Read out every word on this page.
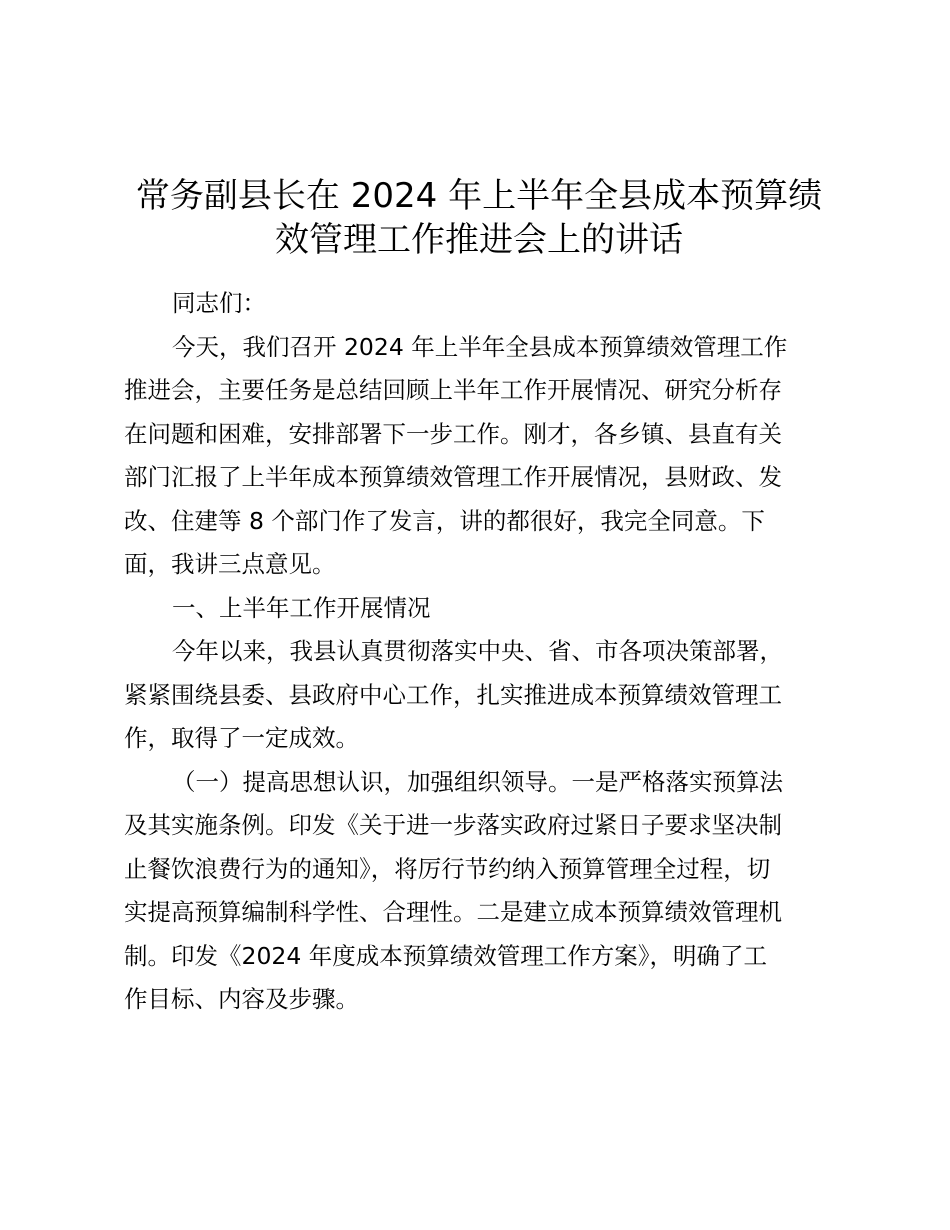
常务副县长在 2024 年上半年全县成本预算绩
效管理工作推进会上的讲话
同志们：
今天，我们召开 2024 年上半年全县成本预算绩效管理工作
推进会，主要任务是总结回顾上半年工作开展情况、研究分析存
在问题和困难，安排部署下一步工作。刚才，各乡镇、县直有关
部门汇报了上半年成本预算绩效管理工作开展情况，县财政、发
改、住建等 8 个部门作了发言，讲的都很好，我完全同意。下
面，我讲三点意见。
一、上半年工作开展情况
今年以来，我县认真贯彻落实中央、省、市各项决策部署，
紧紧围绕县委、县政府中心工作，扎实推进成本预算绩效管理工
作，取得了一定成效。
（一）提高思想认识，加强组织领导。一是严格落实预算法
及其实施条例。印发《关于进一步落实政府过紧日子要求坚决制
止餐饮浪费行为的通知》，将厉行节约纳入预算管理全过程，切
实提高预算编制科学性、合理性。二是建立成本预算绩效管理机
制。印发《2024 年度成本预算绩效管理工作方案》，明确了工
作目标、内容及步骤。
